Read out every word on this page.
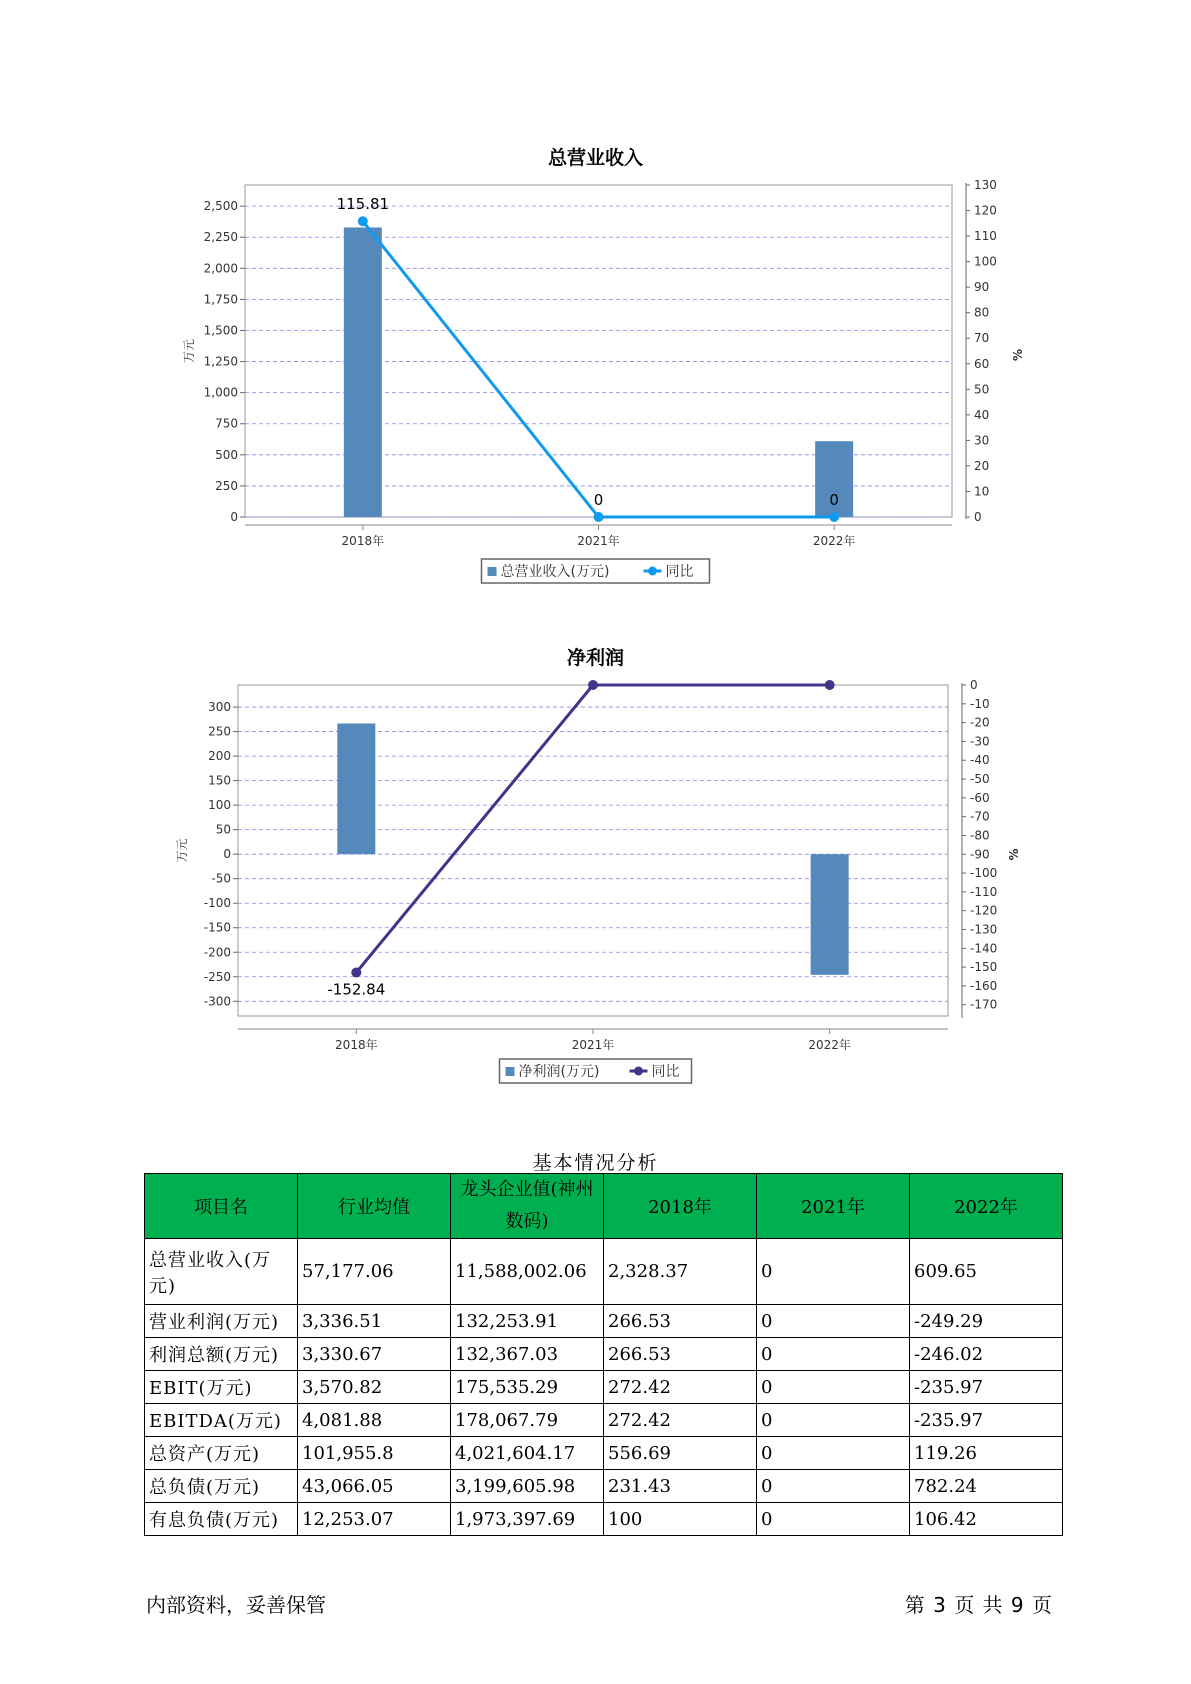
总营业收入
0
250
500
750
1,000
1,250
1,500
1,750
2,000
2,250
2,500
万元
0
10
20
30
40
50
60
70
80
90
100
110
120
130
%
2018年	2021年	2022年
115.81
0	0
总营业收入(万元)	同比
净利润
300
250
200
150
100
50
0
-50
-100
-150
-200
-250
-300
万元
0
-10
-20
-30
-40
-50
-60
-70
-80
-90
-100
-110
-120
-130
-140
-150
-160
-170
%
2018年	2021年	2022年
-152.84
净利润(万元)	同比
基本情况分析
项目名	行业均值	龙头企业值(神州数码)	2018年	2021年	2022年
总营业收入(万元)	57,177.06	11,588,002.06	2,328.37	0	609.65
营业利润(万元)	3,336.51	132,253.91	266.53	0	-249.29
利润总额(万元)	3,330.67	132,367.03	266.53	0	-246.02
EBIT(万元)	3,570.82	175,535.29	272.42	0	-235.97
EBITDA(万元)	4,081.88	178,067.79	272.42	0	-235.97
总资产(万元)	101,955.8	4,021,604.17	556.69	0	119.26
总负债(万元)	43,066.05	3,199,605.98	231.43	0	782.24
有息负债(万元)	12,253.07	1,973,397.69	100	0	106.42
内部资料，妥善保管	第 3 页 共 9 页
